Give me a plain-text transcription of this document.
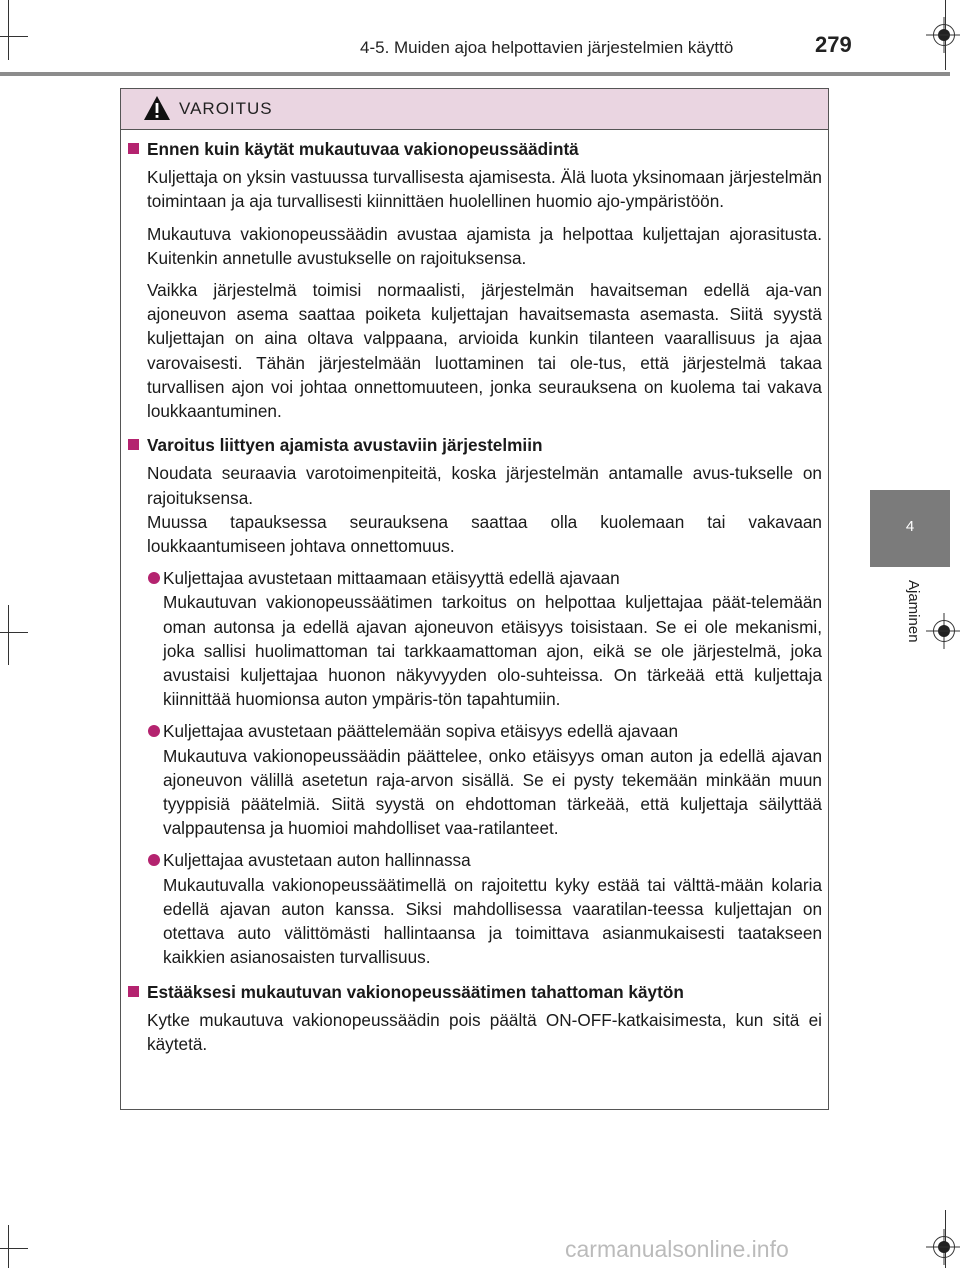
4-5. Muiden ajoa helpottavien järjestelmien käyttö	279
4
Ajaminen
VAROITUS
Ennen kuin käytät mukautuvaa vakionopeussäädintä
Kuljettaja on yksin vastuussa turvallisesta ajamisesta. Älä luota yksinomaan järjestelmän toimintaan ja aja turvallisesti kiinnittäen huolellinen huomio ajo-ympäristöön.
Mukautuva vakionopeussäädin avustaa ajamista ja helpottaa kuljettajan ajorasitusta. Kuitenkin annetulle avustukselle on rajoituksensa.
Vaikka järjestelmä toimisi normaalisti, järjestelmän havaitseman edellä aja-van ajoneuvon asema saattaa poiketa kuljettajan havaitsemasta asemasta. Siitä syystä kuljettajan on aina oltava valppaana, arvioida kunkin tilanteen vaarallisuus ja ajaa varovaisesti. Tähän järjestelmään luottaminen tai ole-tus, että järjestelmä takaa turvallisen ajon voi johtaa onnettomuuteen, jonka seurauksena on kuolema tai vakava loukkaantuminen.
Varoitus liittyen ajamista avustaviin järjestelmiin
Noudata seuraavia varotoimenpiteitä, koska järjestelmän antamalle avus-tukselle on rajoituksensa.
Muussa tapauksessa seurauksena saattaa olla kuolemaan tai vakavaan loukkaantumiseen johtava onnettomuus.
Kuljettajaa avustetaan mittaamaan etäisyyttä edellä ajavaan
Mukautuvan vakionopeussäätimen tarkoitus on helpottaa kuljettajaa päät-telemään oman autonsa ja edellä ajavan ajoneuvon etäisyys toisistaan. Se ei ole mekanismi, joka sallisi huolimattoman tai tarkkaamattoman ajon, eikä se ole järjestelmä, joka avustaisi kuljettajaa huonon näkyvyyden olo-suhteissa. On tärkeää että kuljettaja kiinnittää huomionsa auton ympäris-tön tapahtumiin.
Kuljettajaa avustetaan päättelemään sopiva etäisyys edellä ajavaan
Mukautuva vakionopeussäädin päättelee, onko etäisyys oman auton ja edellä ajavan ajoneuvon välillä asetetun raja-arvon sisällä. Se ei pysty tekemään minkään muun tyyppisiä päätelmiä. Siitä syystä on ehdottoman tärkeää, että kuljettaja säilyttää valppautensa ja huomioi mahdolliset vaa-ratilanteet.
Kuljettajaa avustetaan auton hallinnassa
Mukautuvalla vakionopeussäätimellä on rajoitettu kyky estää tai välttä-mään kolaria edellä ajavan auton kanssa. Siksi mahdollisessa vaaratilan-teessa kuljettajan on otettava auto välittömästi hallintaansa ja toimittava asianmukaisesti taatakseen kaikkien asianosaisten turvallisuus.
Estääksesi mukautuvan vakionopeussäätimen tahattoman käytön
Kytke mukautuva vakionopeussäädin pois päältä ON-OFF-katkaisimesta, kun sitä ei käytetä.
carmanualsonline.info
